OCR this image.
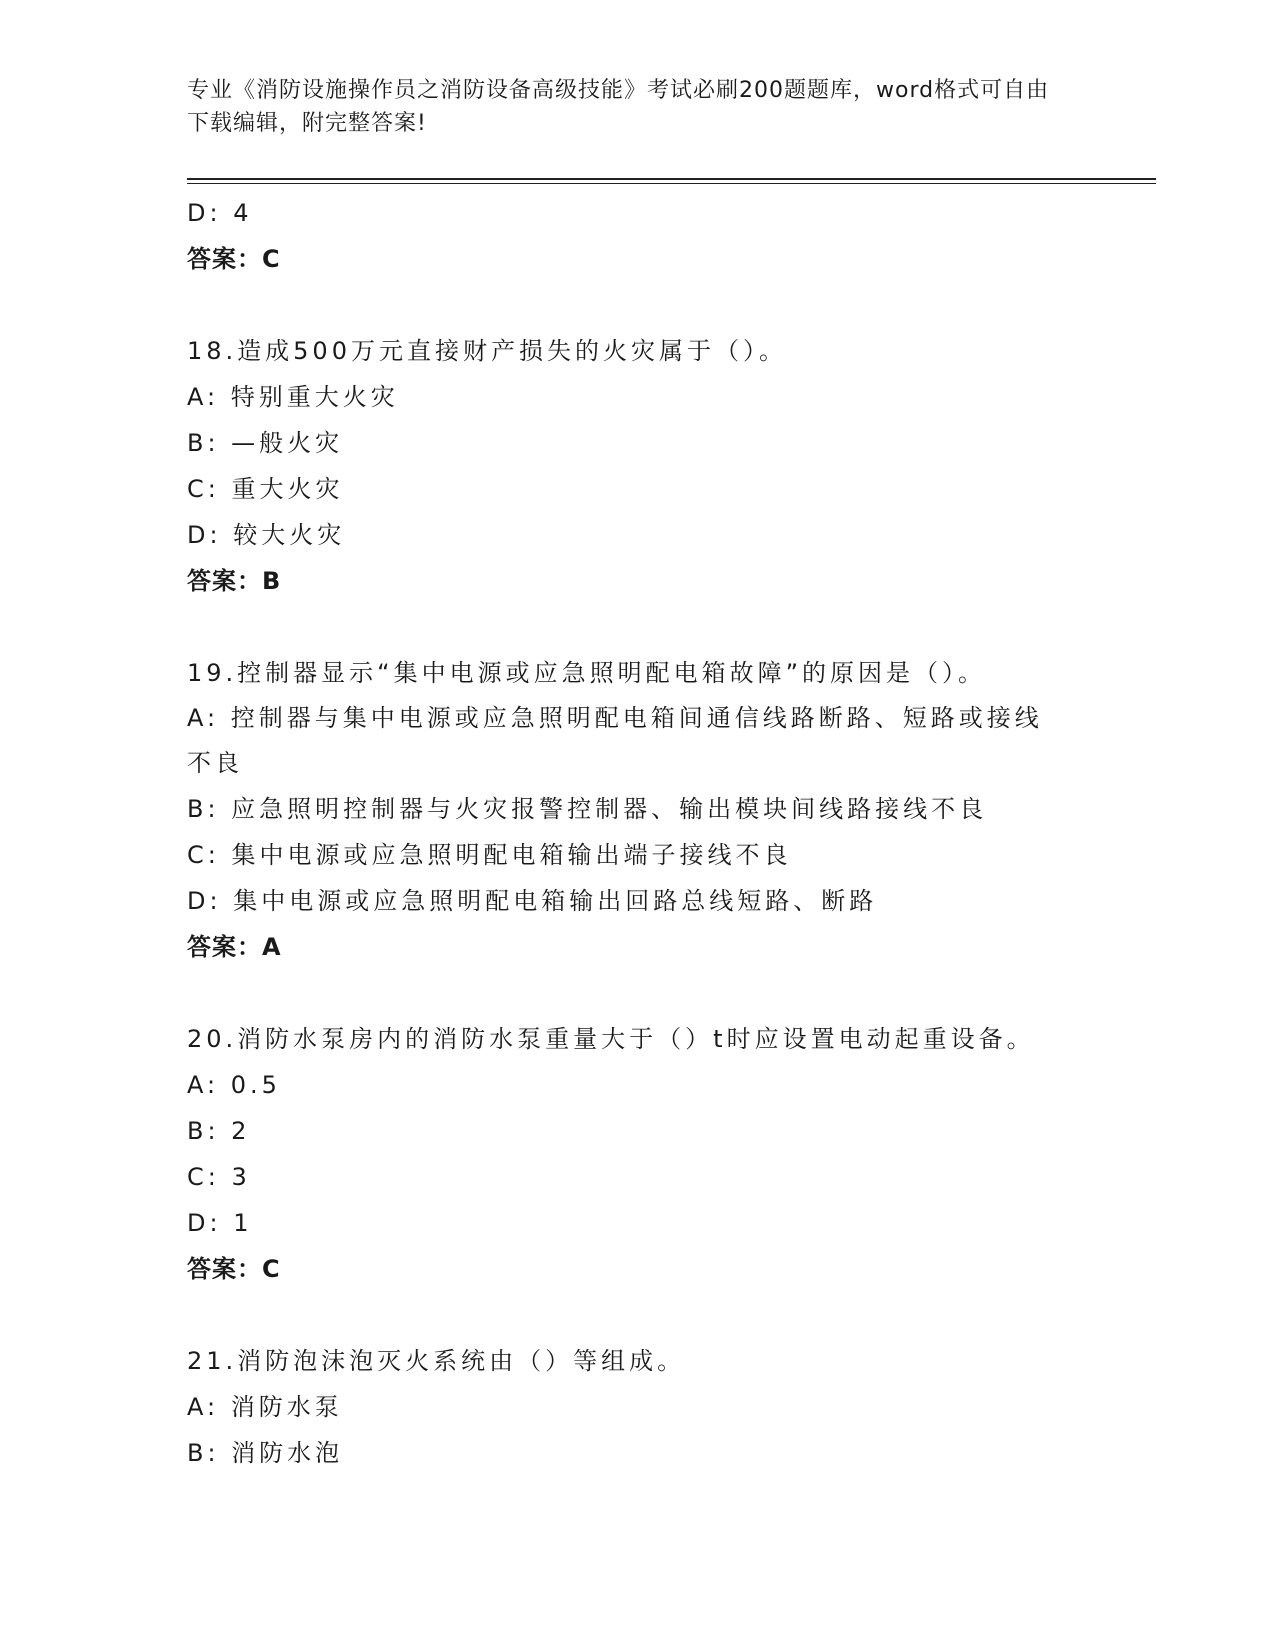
专业《消防设施操作员之消防设备高级技能》考试必刷200题题库，word格式可自由下载编辑，附完整答案!
D: 4
答案：C
18.造成500万元直接财产损失的火灾属于（）。
A: 特别重大火灾
B: —般火灾
C: 重大火灾
D: 较大火灾
答案：B
19.控制器显示“集中电源或应急照明配电箱故障”的原因是（）。
A: 控制器与集中电源或应急照明配电箱间通信线路断路、短路或接线不良
B: 应急照明控制器与火灾报警控制器、输出模块间线路接线不良
C: 集中电源或应急照明配电箱输出端子接线不良
D: 集中电源或应急照明配电箱输出回路总线短路、断路
答案：A
20.消防水泵房内的消防水泵重量大于（）t时应设置电动起重设备。
A: 0.5
B: 2
C: 3
D: 1
答案：C
21.消防泡沫泡灭火系统由（）等组成。
A: 消防水泵
B: 消防水泡
